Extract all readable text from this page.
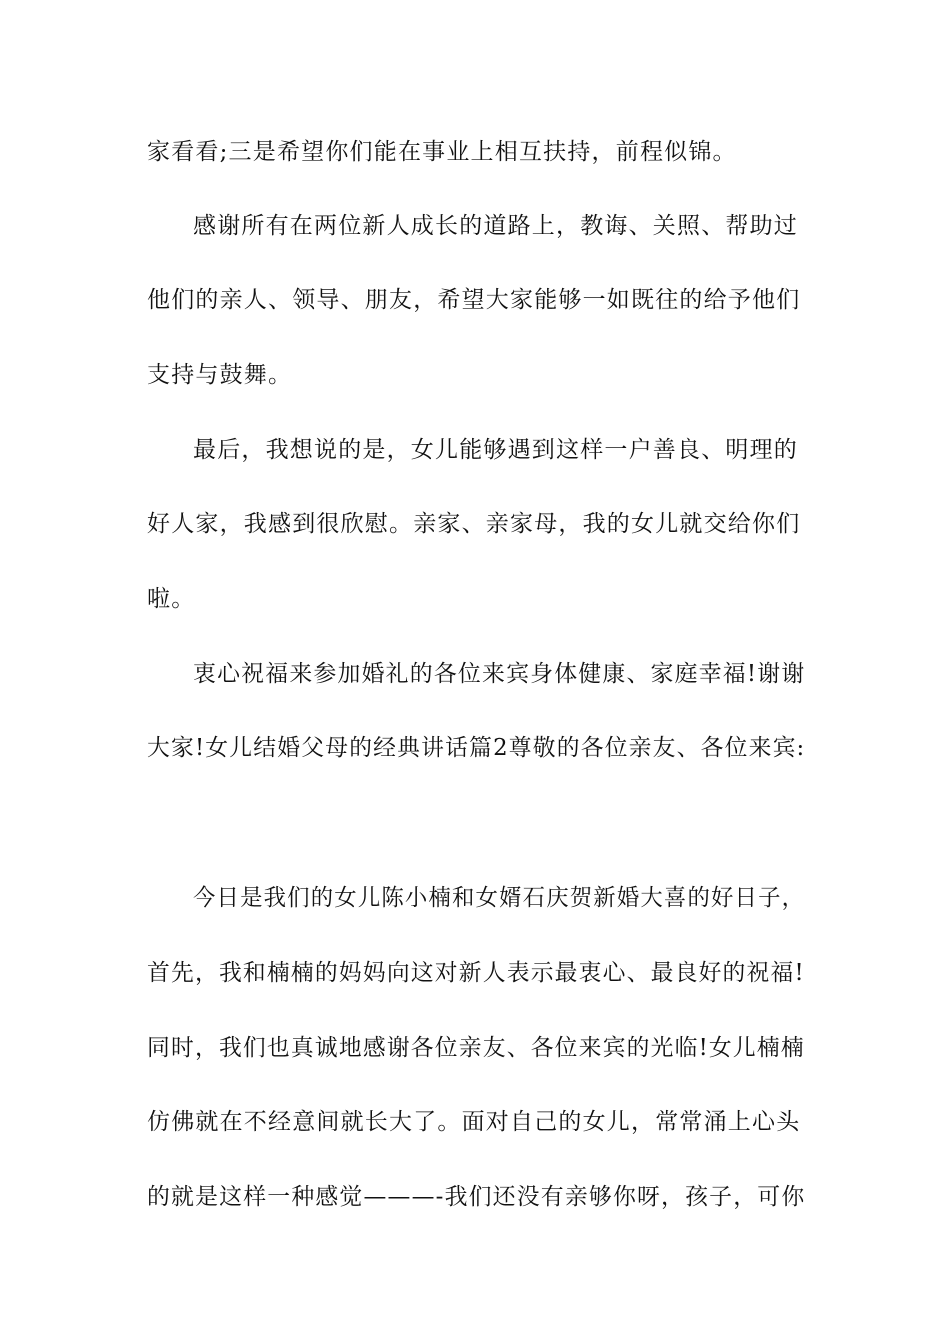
家看看;三是希望你们能在事业上相互扶持，前程似锦。
感谢所有在两位新人成长的道路上，教诲、关照、帮助过
他们的亲人、领导、朋友，希望大家能够一如既往的给予他们
支持与鼓舞。
最后，我想说的是，女儿能够遇到这样一户善良、明理的
好人家，我感到很欣慰。亲家、亲家母，我的女儿就交给你们
啦。
衷心祝福来参加婚礼的各位来宾身体健康、家庭幸福!谢谢
大家!女儿结婚父母的经典讲话篇2尊敬的各位亲友、各位来宾:
今日是我们的女儿陈小楠和女婿石庆贺新婚大喜的好日子，
首先，我和楠楠的妈妈向这对新人表示最衷心、最良好的祝福!
同时，我们也真诚地感谢各位亲友、各位来宾的光临!女儿楠楠
仿佛就在不经意间就长大了。面对自己的女儿，常常涌上心头
的就是这样一种感觉———-我们还没有亲够你呀，孩子，可你
